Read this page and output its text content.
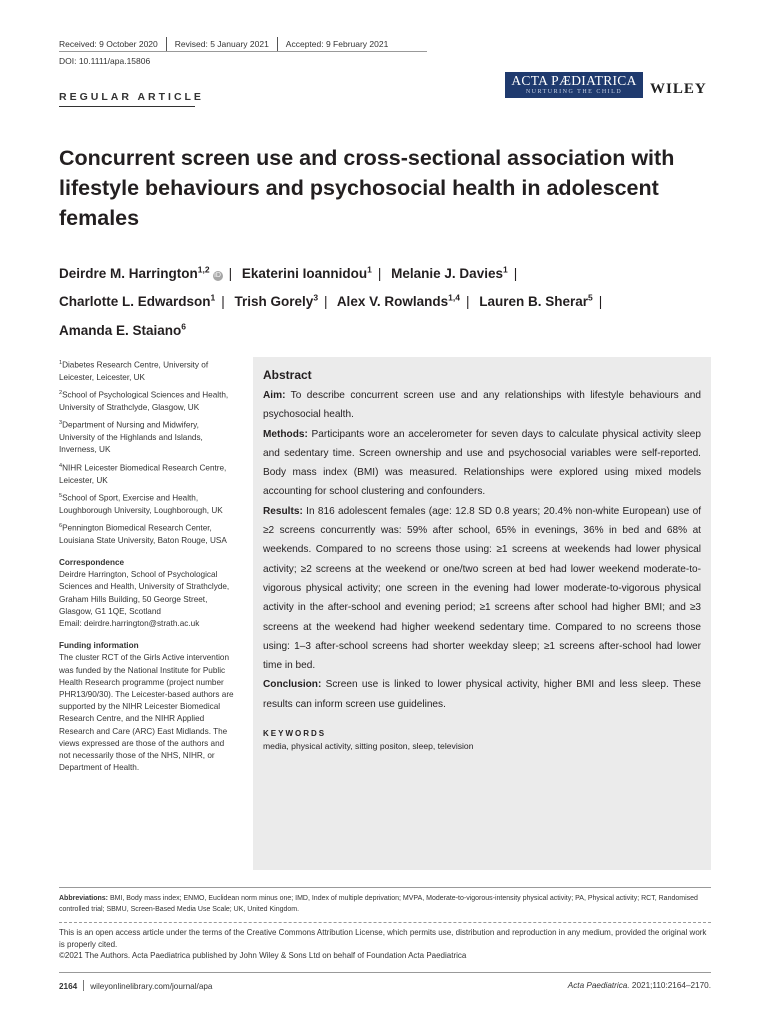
Received: 9 October 2020 Revised: 5 January 2021 Accepted: 9 February 2021
DOI: 10.1111/apa.15806
REGULAR ARTICLE
ACTA PÆDIATRICA
NURTURING THE CHILD	WILEY
Concurrent screen use and cross-sectional association with lifestyle behaviours and psychosocial health in adolescent females
Deirdre M. Harrington$^{1,2}$iD | Ekaterini Ioannidou$^1$ | Melanie J. Davies$^1$ |
Charlotte L. Edwardson$^1$ | Trish Gorely$^3$ | Alex V. Rowlands$^{1,4}$ | Lauren B. Sherar$^5$ |
Amanda E. Staiano$^6$
$^1$Diabetes Research Centre, University of Leicester, Leicester, UK
$^2$School of Psychological Sciences and Health, University of Strathclyde, Glasgow, UK
$^3$Department of Nursing and Midwifery, University of the Highlands and Islands, Inverness, UK
$^4$NIHR Leicester Biomedical Research Centre, Leicester, UK
$^5$School of Sport, Exercise and Health, Loughborough University, Loughborough, UK
$^6$Pennington Biomedical Research Center, Louisiana State University, Baton Rouge, USA
Correspondence
Deirdre Harrington, School of Psychological Sciences and Health, University of Strathclyde, Graham Hills Building, 50 George Street, Glasgow, G1 1QE, Scotland
Email: deirdre.harrington@strath.ac.uk
Funding information
The cluster RCT of the Girls Active intervention was funded by the National Institute for Public Health Research programme (project number PHR13/90/30). The Leicester-based authors are supported by the NIHR Leicester Biomedical Research Centre, and the NIHR Applied Research and Care (ARC) East Midlands. The views expressed are those of the authors and not necessarily those of the NHS, NIHR, or Department of Health.
Abstract

Aim: To describe concurrent screen use and any relationships with lifestyle behaviours and psychosocial health.

Methods: Participants wore an accelerometer for seven days to calculate physical activity sleep and sedentary time. Screen ownership and use and psychosocial variables were self-reported. Body mass index (BMI) was measured. Relationships were explored using mixed models accounting for school clustering and confounders.

Results: In 816 adolescent females (age: 12.8 SD 0.8 years; 20.4% non-white European) use of ≥2 screens concurrently was: 59% after school, 65% in evenings, 36% in bed and 68% at weekends. Compared to no screens those using: ≥1 screens at weekends had lower physical activity; ≥2 screens at the weekend or one/two screen at bed had lower weekend moderate-to-vigorous physical activity; one screen in the evening had lower moderate-to-vigorous physical activity in the after-school and evening period; ≥1 screens after school had higher BMI; and ≥3 screens at the weekend had higher weekend sedentary time. Compared to no screens those using: 1–3 after-school screens had shorter weekday sleep; ≥1 screens after-school had lower time in bed.

Conclusion: Screen use is linked to lower physical activity, higher BMI and less sleep. These results can inform screen use guidelines.

KEYWORDS
media, physical activity, sitting positon, sleep, television
Abbreviations: BMI, Body mass index; ENMO, Euclidean norm minus one; IMD, Index of multiple deprivation; MVPA, Moderate-to-vigorous-intensity physical activity; PA, Physical activity; RCT, Randomised controlled trial; SBMU, Screen-Based Media Use Scale; UK, United Kingdom.
This is an open access article under the terms of the Creative Commons Attribution License, which permits use, distribution and reproduction in any medium, provided the original work is properly cited.
©2021 The Authors. Acta Paediatrica published by John Wiley & Sons Ltd on behalf of Foundation Acta Paediatrica
2164 wileyonlinelibrary.com/journal/apa	Acta Paediatrica. 2021;110:2164–2170.
